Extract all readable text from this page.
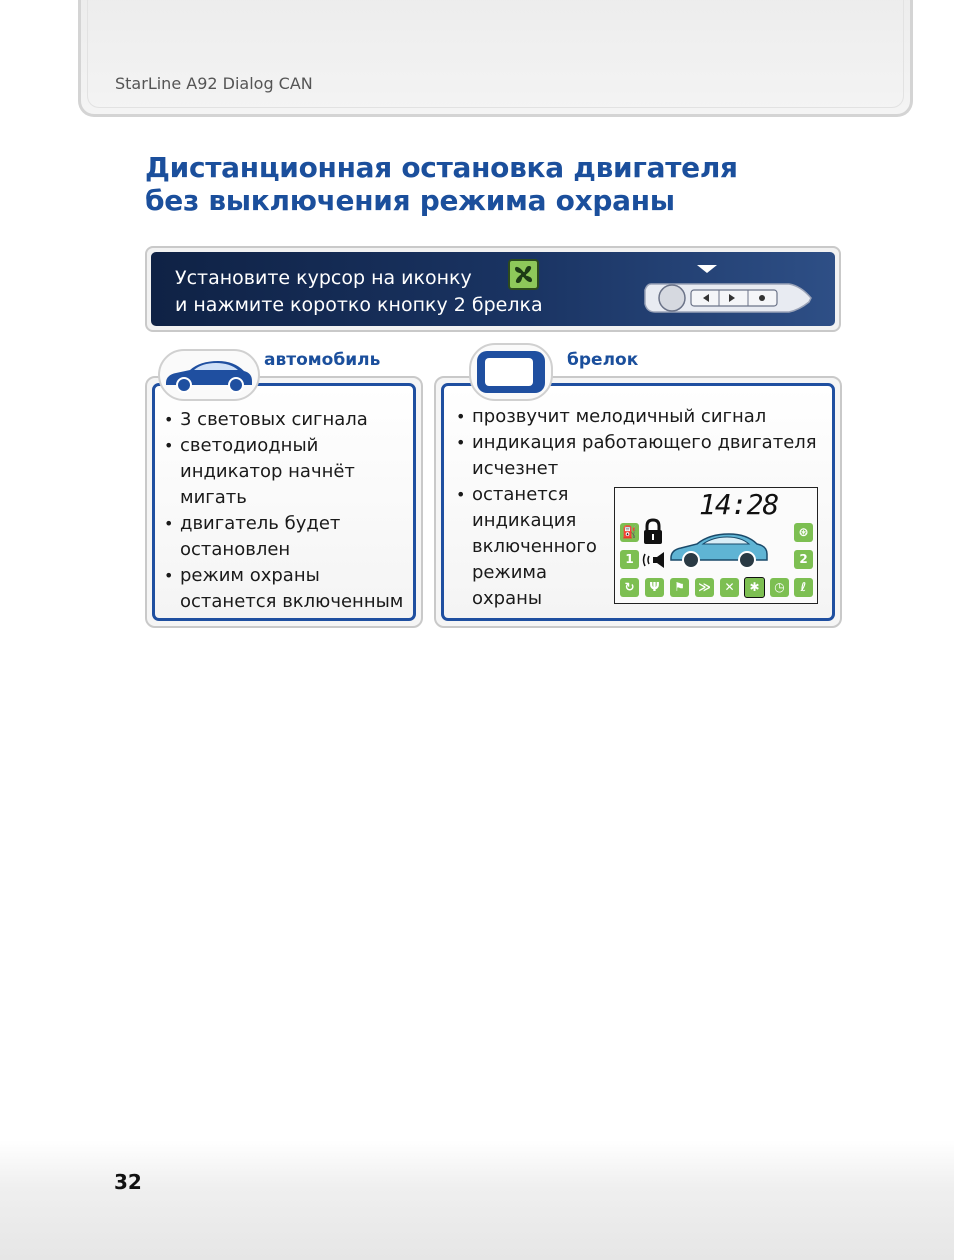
StarLine A92 Dialog CAN
Дистанционная остановка двигателя
без выключения режима охраны
Установите курсор на иконку
и нажмите коротко кнопку 2 брелка
автомобиль
• 3 световых сигнала
• светодиодный индикатор начнёт мигать
• двигатель будет остановлен
• режим охраны останется включенным
брелок
• прозвучит мелодичный сигнал
• индикация работающего двигателя исчезнет
• останется индикация включенного режима охраны
14:28
⛽
1
⊛
2
↻	Ψ	⚑	≫	✕	✱	◷	ℓ
32
